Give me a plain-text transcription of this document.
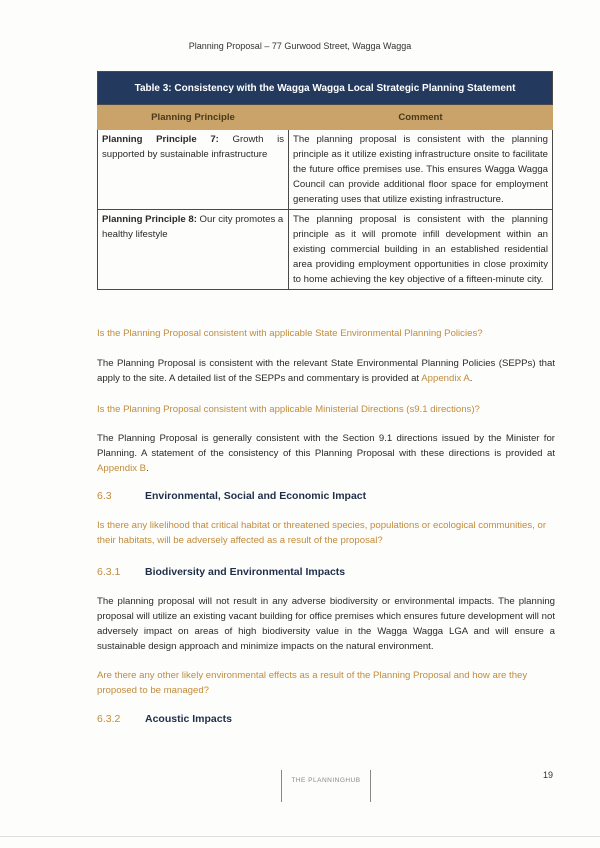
Planning Proposal – 77 Gurwood Street, Wagga Wagga
Table 3: Consistency with the Wagga Wagga Local Strategic Planning Statement	
Planning Principle	Comment
Planning Principle 7: Growth is supported by sustainable infrastructure	The planning proposal is consistent with the planning principle as it utilize existing infrastructure onsite to facilitate the future office premises use. This ensures Wagga Wagga Council can provide additional floor space for employment generating uses that utilize existing infrastructure.
Planning Principle 8: Our city promotes a healthy lifestyle	The planning proposal is consistent with the planning principle as it will promote infill development within an existing commercial building in an established residential area providing employment opportunities in close proximity to home achieving the key objective of a fifteen-minute city.
Is the Planning Proposal consistent with applicable State Environmental Planning Policies?
The Planning Proposal is consistent with the relevant State Environmental Planning Policies (SEPPs) that apply to the site. A detailed list of the SEPPs and commentary is provided at Appendix A.
Is the Planning Proposal consistent with applicable Ministerial Directions (s9.1 directions)?
The Planning Proposal is generally consistent with the Section 9.1 directions issued by the Minister for Planning. A statement of the consistency of this Planning Proposal with these directions is provided at Appendix B.
6.3	Environmental, Social and Economic Impact
Is there any likelihood that critical habitat or threatened species, populations or ecological communities, or their habitats, will be adversely affected as a result of the proposal?
6.3.1 Biodiversity and Environmental Impacts
The planning proposal will not result in any adverse biodiversity or environmental impacts. The planning proposal will utilize an existing vacant building for office premises which ensures future development will not adversely impact on areas of high biodiversity value in the Wagga Wagga LGA and will ensure a sustainable design approach and minimize impacts on the natural environment.
Are there any other likely environmental effects as a result of the Planning Proposal and how are they proposed to be managed?
6.3.2 Acoustic Impacts
THE PLANNINGHUB
19
